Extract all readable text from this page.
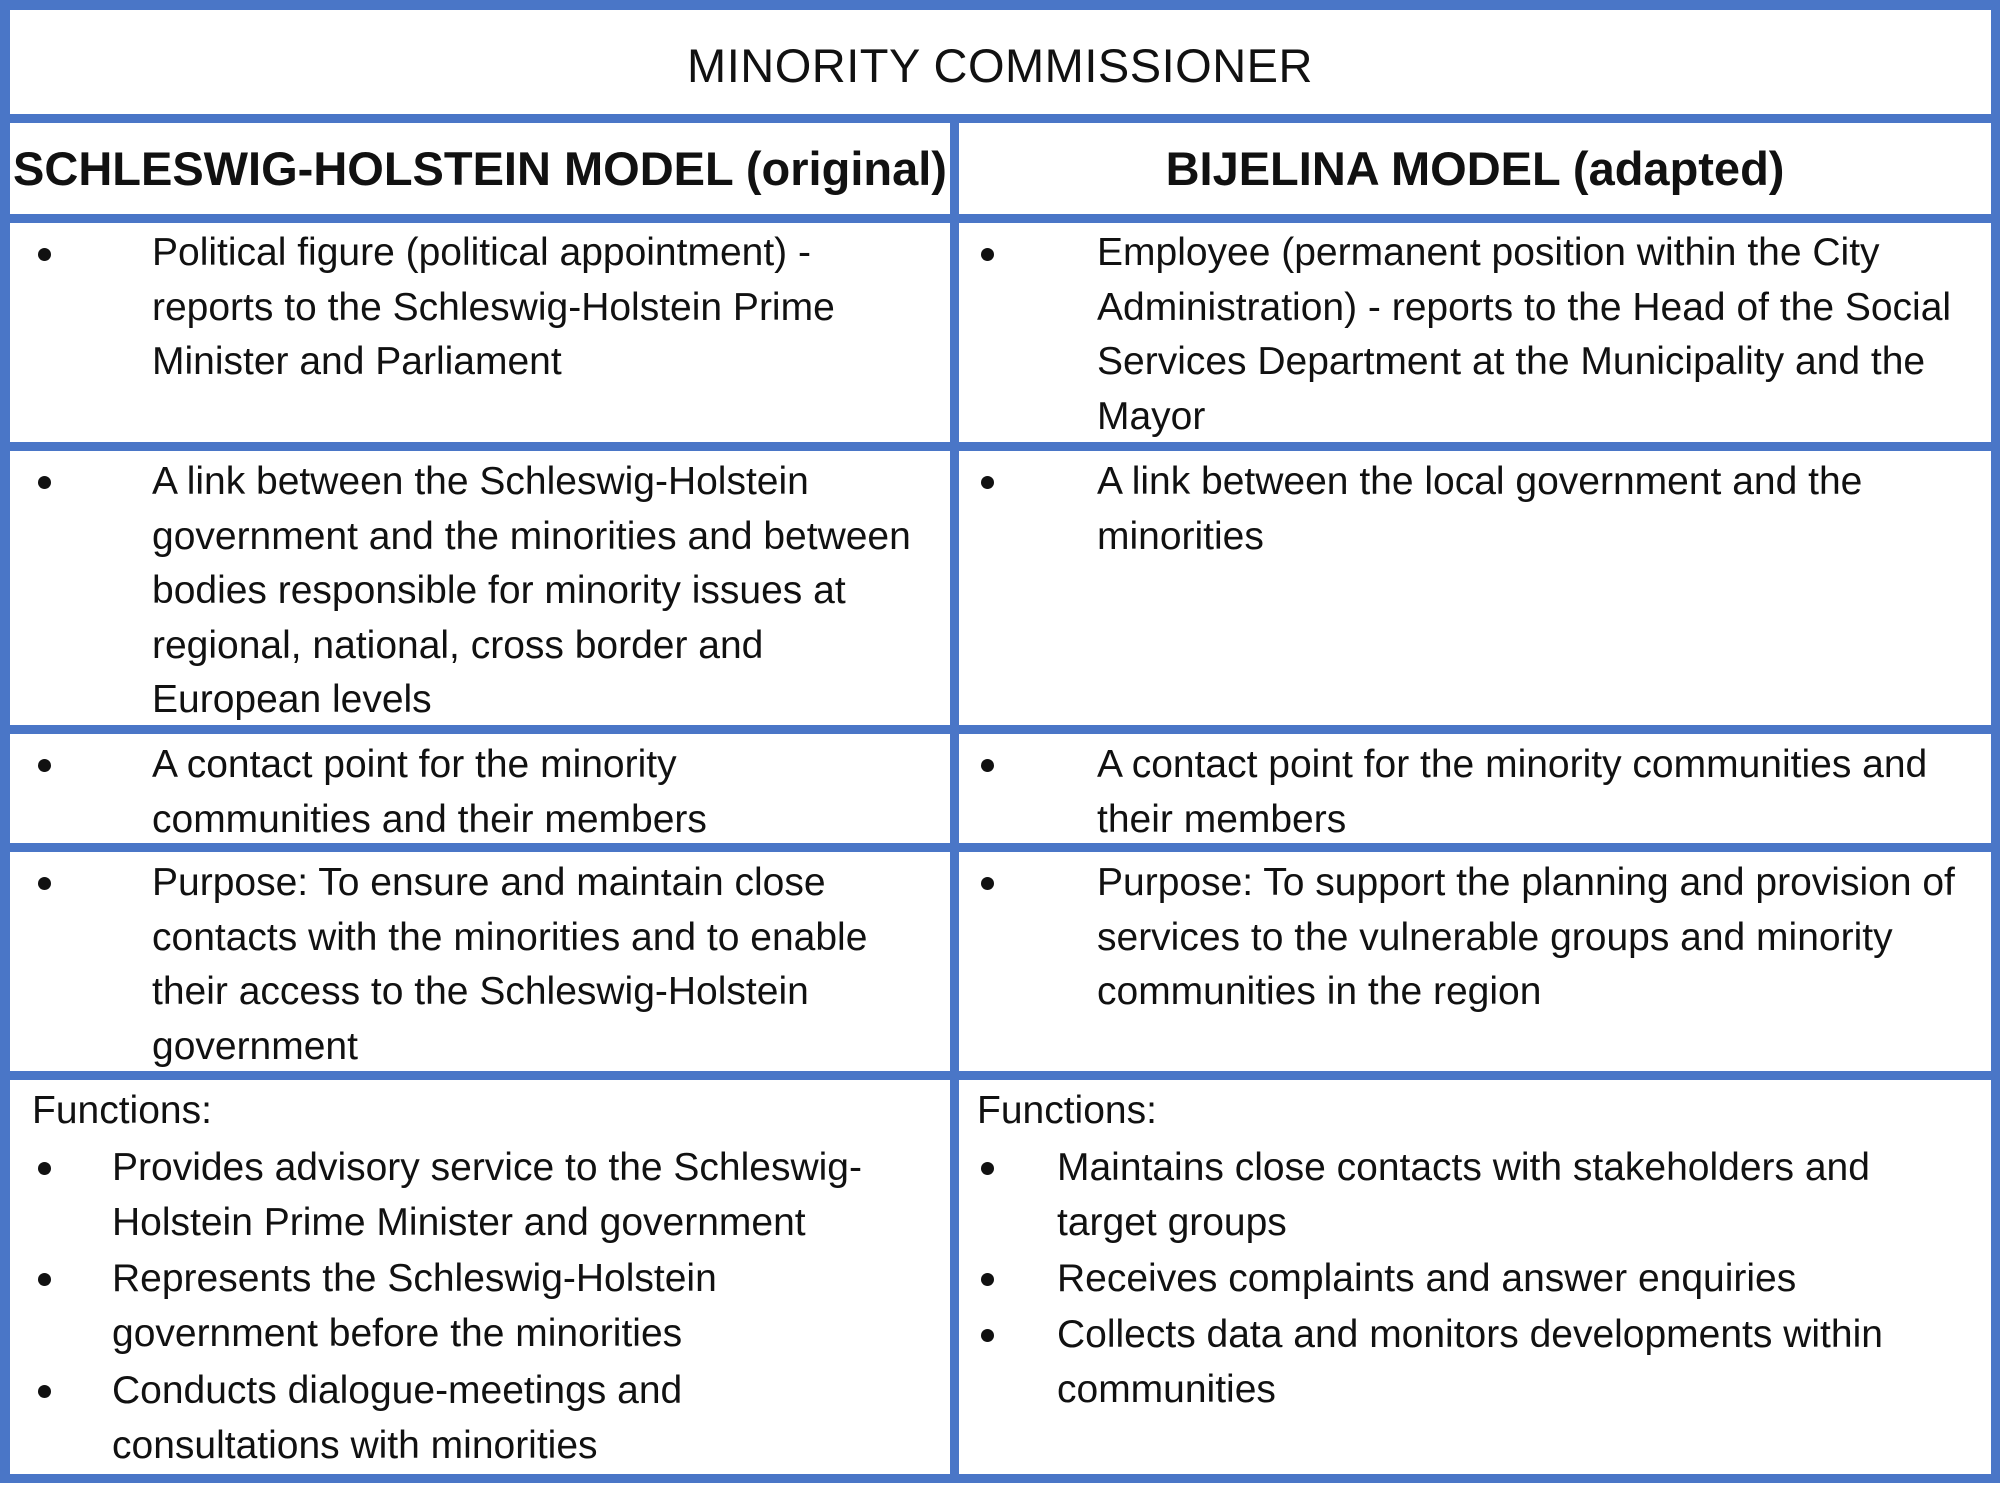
MINORITY COMMISSIONER
SCHLESWIG-HOLSTEIN MODEL (original)	BIJELINA MODEL (adapted)
Political figure (political appointment) - reports to the Schleswig-Holstein Prime Minister and Parliament
Employee (permanent position within the City Administration) - reports to the Head of the Social Services Department at the Municipality and the Mayor
A link between the Schleswig-Holstein government and the minorities and between bodies responsible for minority issues at regional, national, cross border and European levels
A link between the local government and the minorities
A contact point for the minority communities and their members
A contact point for the minority communities and their members
Purpose: To ensure and maintain close contacts with the minorities and to enable their access to the Schleswig-Holstein government
Purpose: To support the planning and provision of services to the vulnerable groups and minority communities in the region
Functions:
Provides advisory service to the Schleswig-Holstein Prime Minister and government
Represents the Schleswig-Holstein government before the minorities
Conducts dialogue-meetings and consultations with minorities
Functions:
Maintains close contacts with stakeholders and target groups
Receives complaints and answer enquiries
Collects data and monitors developments within communities
